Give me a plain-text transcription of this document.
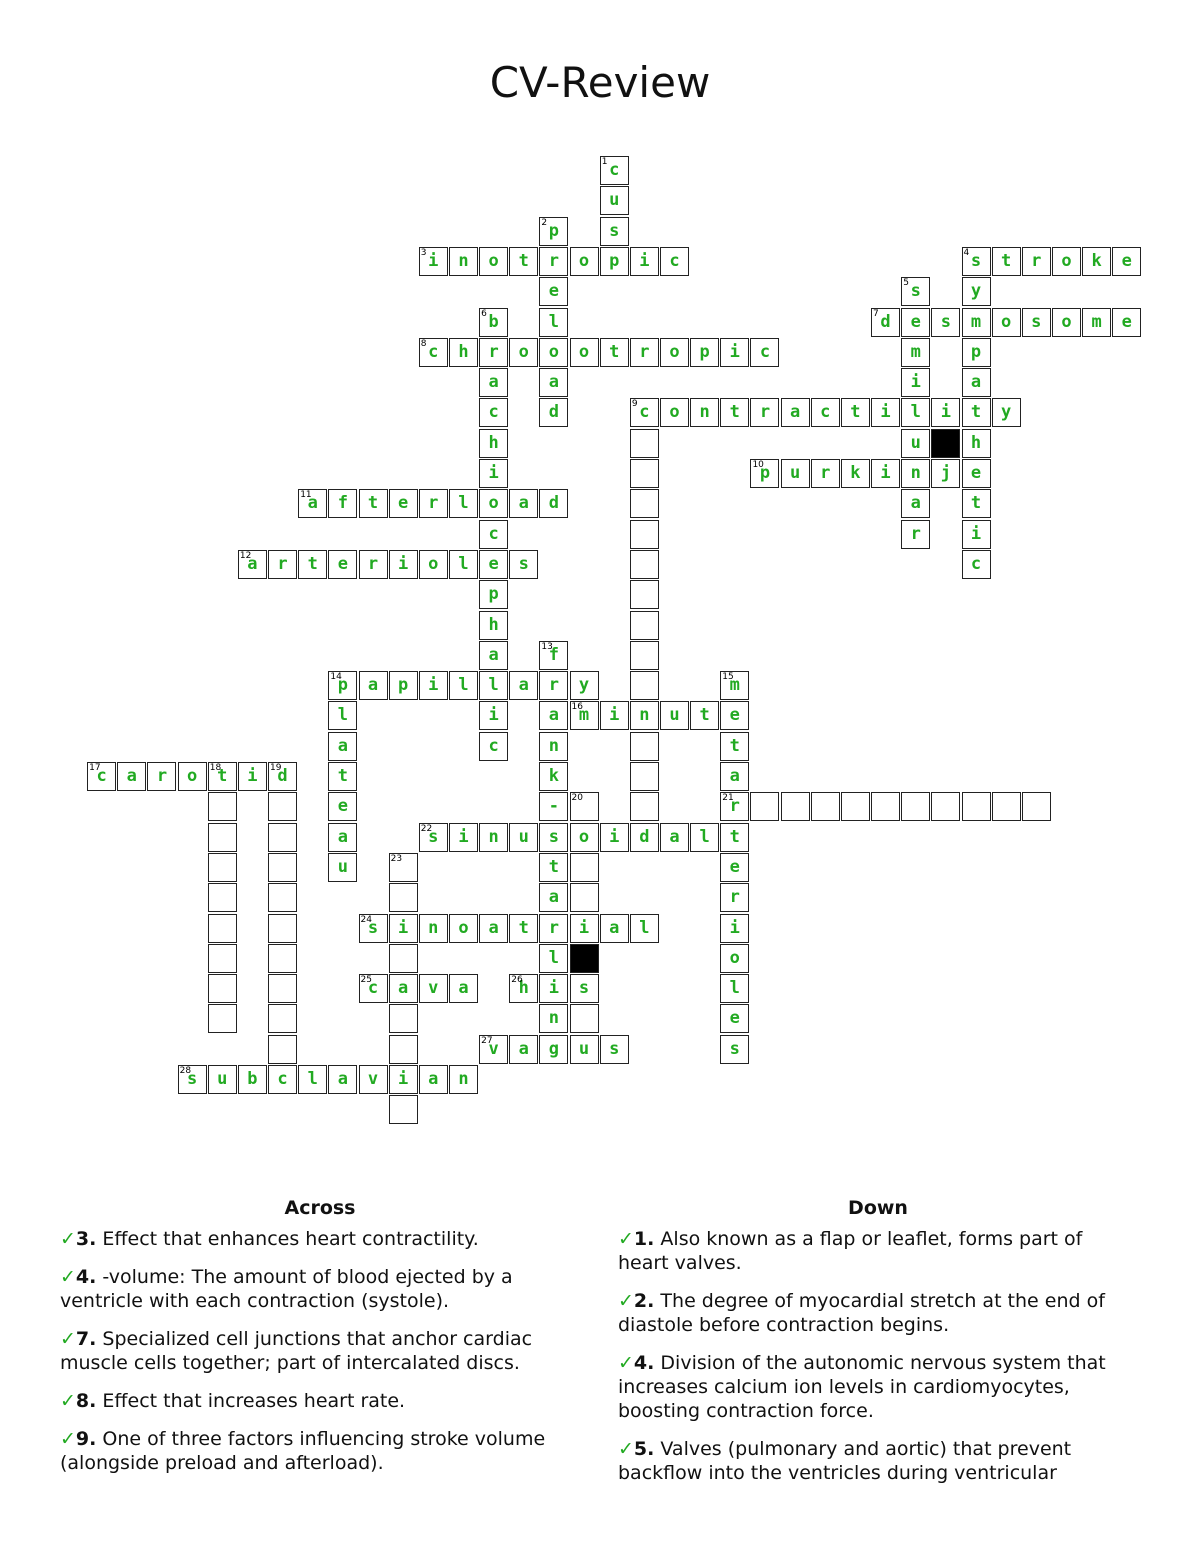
CV-Review
c
1
u
s
p
2
r
e
l
o
a
d
i
3	n	o	t	o	p	i	c	s
4	t	r	o	k	e
y
m
p
a
t
h
e
t
i
c
s
5
e
m
i
l
u
n
a
r
b
6
r
a
c
h
i
o
c
e
p
h
a
l
i
c
d
7	s	o	s	o	m	e
c
8	h	o	o	t	r	o	p	i	c
c
9	o	n	t	r	a	c	t	i	i	y
n
p
10	u	r	k	i	j
a
11	f	t	e	r	l	a	d
a
12	r	t	e	r	i	o	l	s
f
13
r
a
n
k
-
s
t
a
r
l
i
n
g
p
14	a	p	i	l	a	y
l
a
t
e
a
u
m
15
e
t
a
r
21
t
e
r
i
o
l
e
s
m
16	i	u	t
c
17	a	r	o	t
18	i	d
19
20
o
i
s
u
s
22	i	n	u	i	d	a	l
23
i
a
i
s
24	n	o	a	t	a	l
c
25	v	a	h
26
v
27	a	s
s
28	u	b	c	l	a	v	a	n
Across

✓3. Effect that enhances heart contractility.

✓4. -volume: The amount of blood ejected by a ventricle with each contraction (systole).

✓7. Specialized cell junctions that anchor cardiac muscle cells together; part of intercalated discs.

✓8. Effect that increases heart rate.

✓9. One of three factors influencing stroke volume (alongside preload and afterload).

Down

✓1. Also known as a flap or leaflet, forms part of heart valves.

✓2. The degree of myocardial stretch at the end of diastole before contraction begins.

✓4. Division of the autonomic nervous system that increases calcium ion levels in cardiomyocytes, boosting contraction force.

✓5. Valves (pulmonary and aortic) that prevent backflow into the ventricles during ventricular
